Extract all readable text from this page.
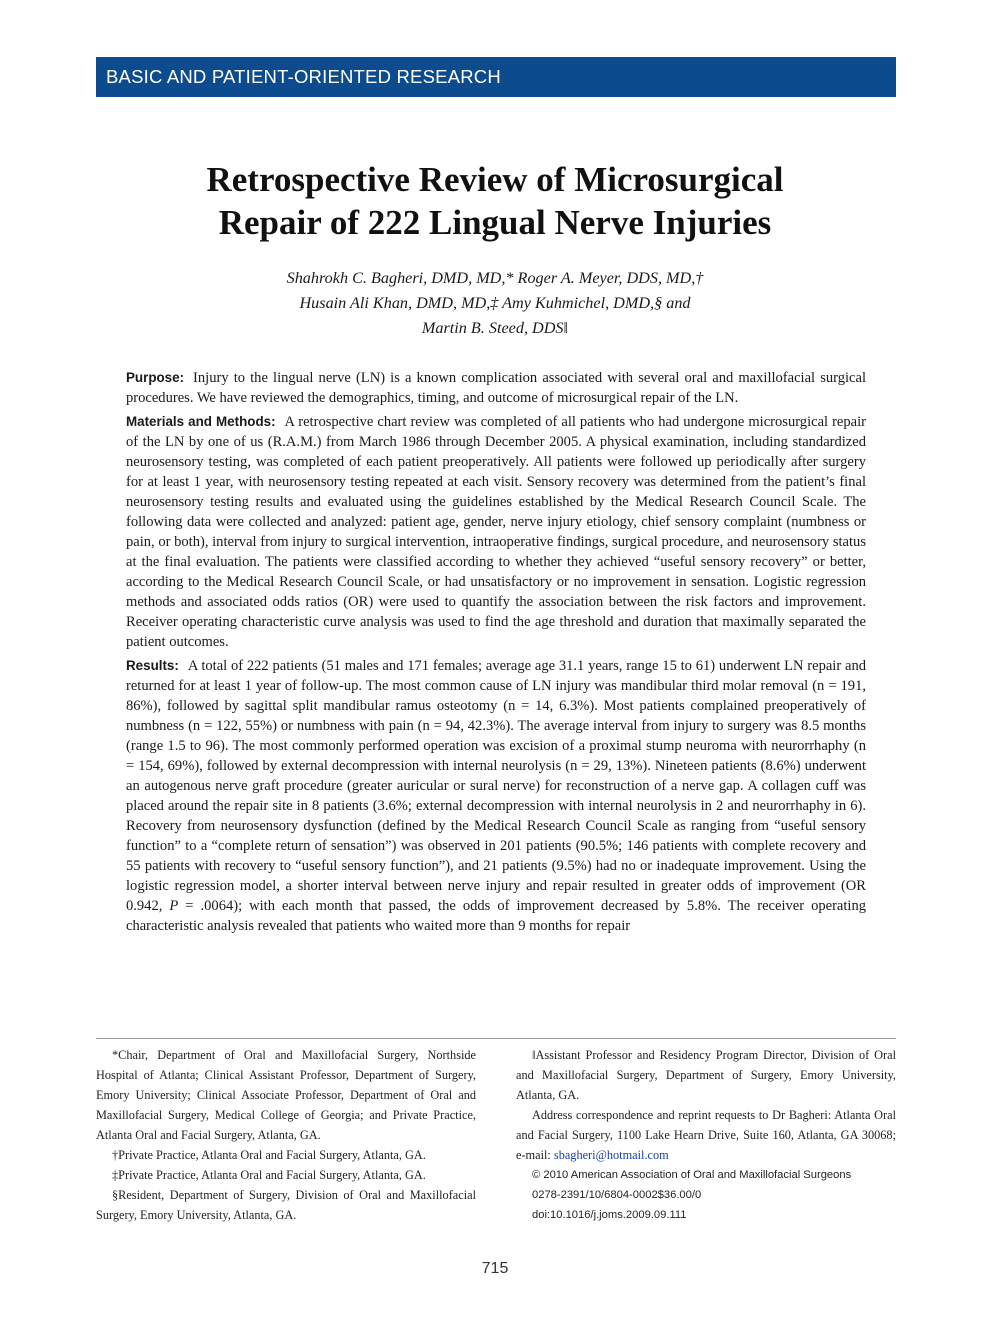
BASIC AND PATIENT-ORIENTED RESEARCH
Retrospective Review of Microsurgical
Repair of 222 Lingual Nerve Injuries
Shahrokh C. Bagheri, DMD, MD,* Roger A. Meyer, DDS, MD,†
Husain Ali Khan, DMD, MD,‡ Amy Kuhmichel, DMD,§ and
Martin B. Steed, DDS‖

Purpose: Injury to the lingual nerve (LN) is a known complication associated with several oral and maxillofacial surgical procedures. We have reviewed the demographics, timing, and outcome of microsurgical repair of the LN.

Materials and Methods: A retrospective chart review was completed of all patients who had undergone microsurgical repair of the LN by one of us (R.A.M.) from March 1986 through December 2005. A physical examination, including standardized neurosensory testing, was completed of each patient preoperatively. All patients were followed up periodically after surgery for at least 1 year, with neurosensory testing repeated at each visit. Sensory recovery was determined from the patient’s final neurosensory testing results and evaluated using the guidelines established by the Medical Research Council Scale. The following data were collected and analyzed: patient age, gender, nerve injury etiology, chief sensory complaint (numbness or pain, or both), interval from injury to surgical intervention, intraoperative findings, surgical procedure, and neurosensory status at the final evaluation. The patients were classified according to whether they achieved “useful sensory recovery” or better, according to the Medical Research Council Scale, or had unsatisfactory or no improvement in sensation. Logistic regression methods and associated odds ratios (OR) were used to quantify the association between the risk factors and improvement. Receiver operating characteristic curve analysis was used to find the age threshold and duration that maximally separated the patient outcomes.

Results: A total of 222 patients (51 males and 171 females; average age 31.1 years, range 15 to 61) underwent LN repair and returned for at least 1 year of follow-up. The most common cause of LN injury was mandibular third molar removal (n = 191, 86%), followed by sagittal split mandibular ramus osteotomy (n = 14, 6.3%). Most patients complained preoperatively of numbness (n = 122, 55%) or numbness with pain (n = 94, 42.3%). The average interval from injury to surgery was 8.5 months (range 1.5 to 96). The most commonly performed operation was excision of a proximal stump neuroma with neurorrhaphy (n = 154, 69%), followed by external decompression with internal neurolysis (n = 29, 13%). Nineteen patients (8.6%) underwent an autogenous nerve graft procedure (greater auricular or sural nerve) for reconstruction of a nerve gap. A collagen cuff was placed around the repair site in 8 patients (3.6%; external decompression with internal neurolysis in 2 and neurorrhaphy in 6). Recovery from neurosensory dysfunction (defined by the Medical Research Council Scale as ranging from “useful sensory function” to a “complete return of sensation”) was observed in 201 patients (90.5%; 146 patients with complete recovery and 55 patients with recovery to “useful sensory function”), and 21 patients (9.5%) had no or inadequate improvement. Using the logistic regression model, a shorter interval between nerve injury and repair resulted in greater odds of improvement (OR 0.942, P = .0064); with each month that passed, the odds of improvement decreased by 5.8%. The receiver operating characteristic analysis revealed that patients who waited more than 9 months for repair

*Chair, Department of Oral and Maxillofacial Surgery, Northside Hospital of Atlanta; Clinical Assistant Professor, Department of Surgery, Emory University; Clinical Associate Professor, Department of Oral and Maxillofacial Surgery, Medical College of Georgia; and Private Practice, Atlanta Oral and Facial Surgery, Atlanta, GA.

†Private Practice, Atlanta Oral and Facial Surgery, Atlanta, GA.

‡Private Practice, Atlanta Oral and Facial Surgery, Atlanta, GA.

§Resident, Department of Surgery, Division of Oral and Maxillofacial Surgery, Emory University, Atlanta, GA.

‖Assistant Professor and Residency Program Director, Division of Oral and Maxillofacial Surgery, Department of Surgery, Emory University, Atlanta, GA.

Address correspondence and reprint requests to Dr Bagheri: Atlanta Oral and Facial Surgery, 1100 Lake Hearn Drive, Suite 160, Atlanta, GA 30068; e-mail: sbagheri@hotmail.com

© 2010 American Association of Oral and Maxillofacial Surgeons

0278-2391/10/6804-0002$36.00/0

doi:10.1016/j.joms.2009.09.111

715
